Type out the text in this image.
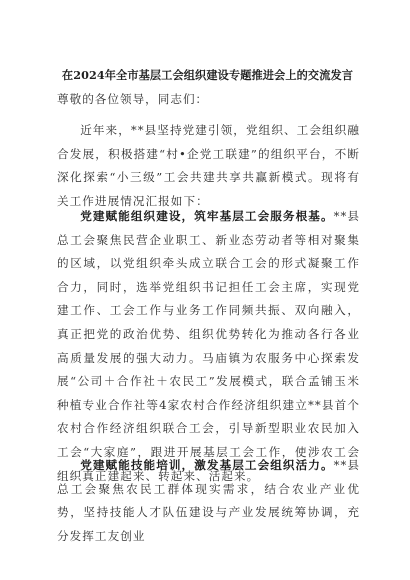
在2024年全市基层工会组织建设专题推进会上的交流发言
尊敬的各位领导，同志们：

近年来，**县坚持党建引领，党组织、工会组织融合发展，积极搭建“村•企党工联建”的组织平台，不断深化探索“小三级”工会共建共享共赢新模式。现将有关工作进展情况汇报如下：

党建赋能组织建设，筑牢基层工会服务根基。**县总工会聚焦民营企业职工、新业态劳动者等相对聚集的区域，以党组织牵头成立联合工会的形式凝聚工作合力，同时，选举党组织书记担任工会主席，实现党建工作、工会工作与业务工作同频共振、双向融入，真正把党的政治优势、组织优势转化为推动各行各业高质量发展的强大动力。马庙镇为农服务中心探索发展“公司＋合作社＋农民工”发展模式，联合孟铺玉米种植专业合作社等4家农村合作经济组织建立**县首个农村合作经济组织联合工会，引导新型职业农民加入工会“大家庭”，跟进开展基层工会工作，使涉农工会组织真正建起来、转起来、活起来。

党建赋能技能培训，激发基层工会组织活力。**县总工会聚焦农民工群体现实需求，结合农业产业优势，坚持技能人才队伍建设与产业发展统筹协调，充分发挥工友创业
